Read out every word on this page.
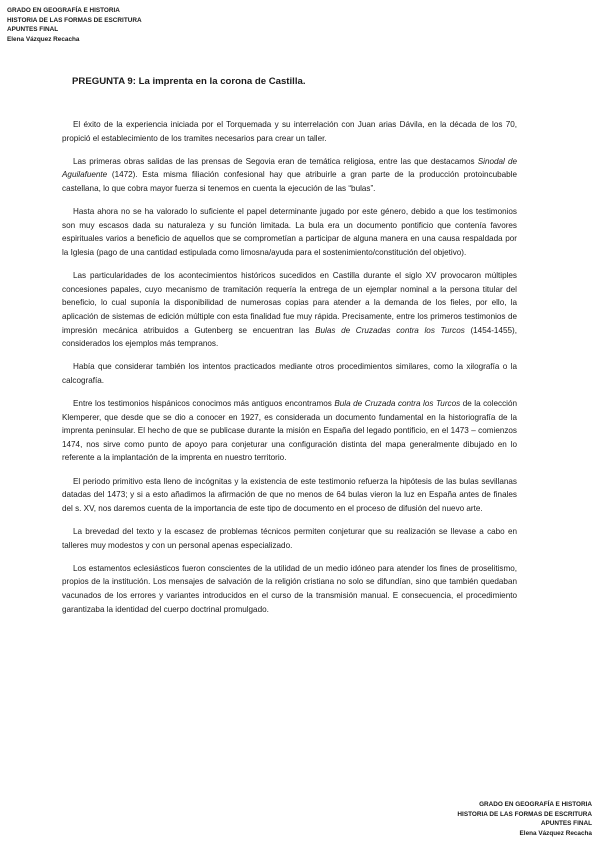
GRADO EN GEOGRAFÍA E HISTORIA
HISTORIA DE LAS FORMAS DE ESCRITURA
APUNTES FINAL
Elena Vázquez Recacha
PREGUNTA 9: La imprenta en la corona de Castilla.

El éxito de la experiencia iniciada por el Torquemada y su interrelación con Juan arias Dávila, en la década de los 70, propició el establecimiento de los tramites necesarios para crear un taller.

Las primeras obras salidas de las prensas de Segovia eran de temática religiosa, entre las que destacamos Sinodal de Aguilafuente (1472). Esta misma filiación confesional hay que atribuirle a gran parte de la producción protoincubable castellana, lo que cobra mayor fuerza si tenemos en cuenta la ejecución de las “bulas”.

Hasta ahora no se ha valorado lo suficiente el papel determinante jugado por este género, debido a que los testimonios son muy escasos dada su naturaleza y su función limitada. La bula era un documento pontificio que contenía favores espirituales varios a beneficio de aquellos que se comprometían a participar de alguna manera en una causa respaldada por la Iglesia (pago de una cantidad estipulada como limosna/ayuda para el sostenimiento/constitución del objetivo).

Las particularidades de los acontecimientos históricos sucedidos en Castilla durante el siglo XV provocaron múltiples concesiones papales, cuyo mecanismo de tramitación requería la entrega de un ejemplar nominal a la persona titular del beneficio, lo cual suponía la disponibilidad de numerosas copias para atender a la demanda de los fieles, por ello, la aplicación de sistemas de edición múltiple con esta finalidad fue muy rápida. Precisamente, entre los primeros testimonios de impresión mecánica atribuidos a Gutenberg se encuentran las Bulas de Cruzadas contra los Turcos (1454-1455), considerados los ejemplos más tempranos.

Había que considerar también los intentos practicados mediante otros procedimientos similares, como la xilografía o la calcografía.

Entre los testimonios hispánicos conocimos más antiguos encontramos Bula de Cruzada contra los Turcos de la colección Klemperer, que desde que se dio a conocer en 1927, es considerada un documento fundamental en la historiografía de la imprenta peninsular. El hecho de que se publicase durante la misión en España del legado pontificio, en el 1473 – comienzos 1474, nos sirve como punto de apoyo para conjeturar una configuración distinta del mapa generalmente dibujado en lo referente a la implantación de la imprenta en nuestro territorio.

El periodo primitivo esta lleno de incógnitas y la existencia de este testimonio refuerza la hipótesis de las bulas sevillanas datadas del 1473; y si a esto añadimos la afirmación de que no menos de 64 bulas vieron la luz en España antes de finales del s. XV, nos daremos cuenta de la importancia de este tipo de documento en el proceso de difusión del nuevo arte.

La brevedad del texto y la escasez de problemas técnicos permiten conjeturar que su realización se llevase a cabo en talleres muy modestos y con un personal apenas especializado.

Los estamentos eclesiásticos fueron conscientes de la utilidad de un medio idóneo para atender los fines de proselitismo, propios de la institución. Los mensajes de salvación de la religión cristiana no solo se difundían, sino que también quedaban vacunados de los errores y variantes introducidos en el curso de la transmisión manual. E consecuencia, el procedimiento garantizaba la identidad del cuerpo doctrinal promulgado.

GRADO EN GEOGRAFÍA E HISTORIA
HISTORIA DE LAS FORMAS DE ESCRITURA
APUNTES FINAL
Elena Vázquez Recacha
